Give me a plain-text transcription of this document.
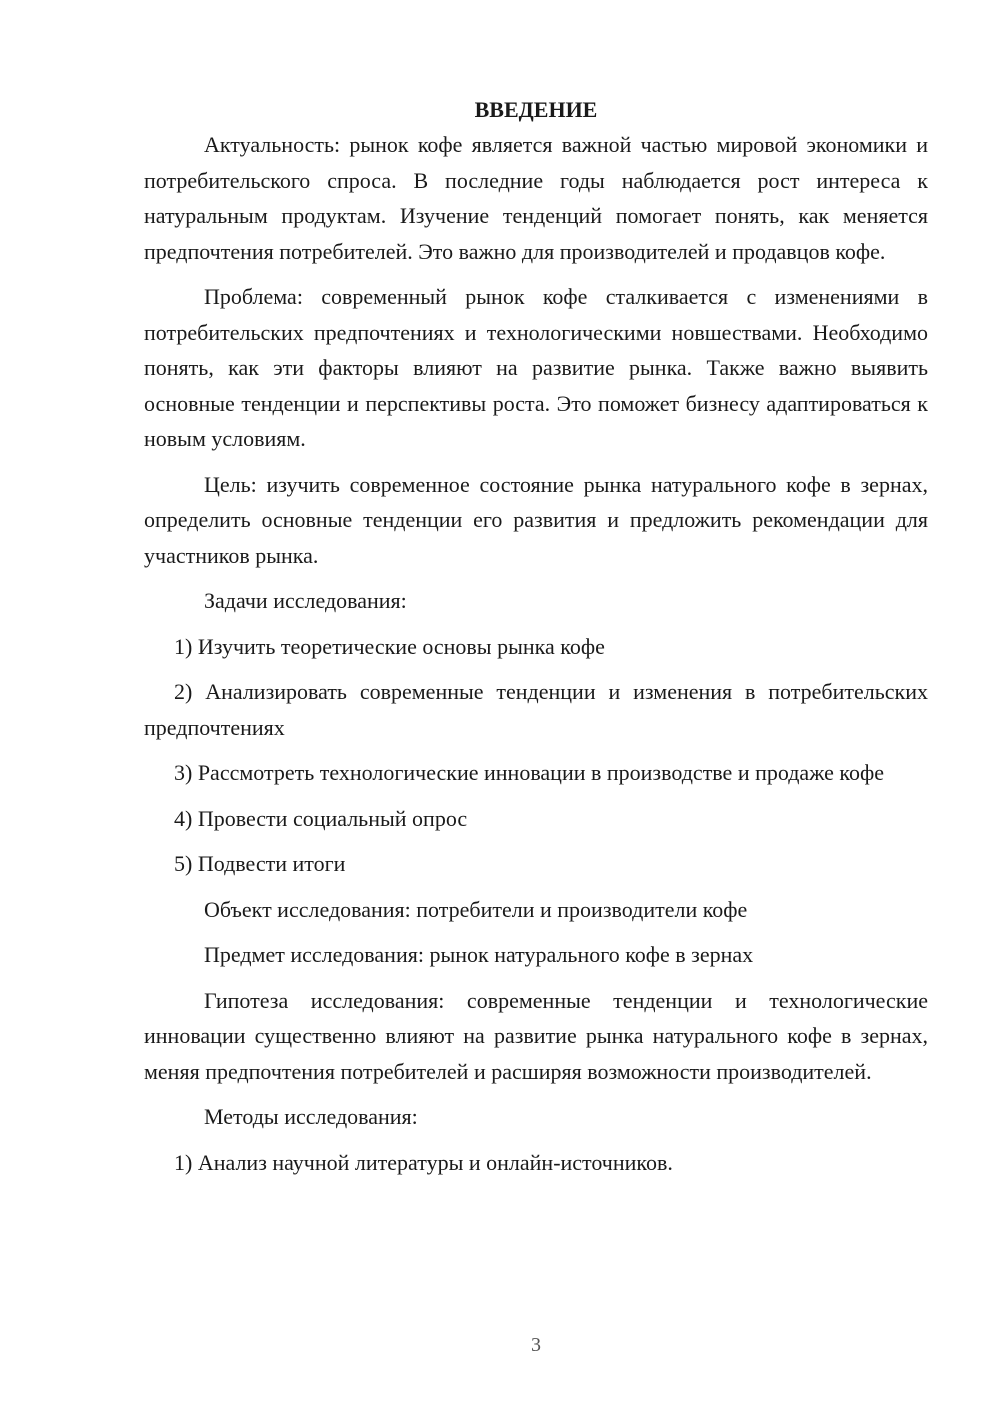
ВВЕДЕНИЕ

Актуальность: рынок кофе является важной частью мировой экономики и потребительского спроса. В последние годы наблюдается рост интереса к натуральным продуктам. Изучение тенденций помогает понять, как меняется предпочтения потребителей. Это важно для производителей и продавцов кофе.

Проблема: современный рынок кофе сталкивается с изменениями в потребительских предпочтениях и технологическими новшествами. Необходимо понять, как эти факторы влияют на развитие рынка. Также важно выявить основные тенденции и перспективы роста. Это поможет бизнесу адаптироваться к новым условиям.

Цель: изучить современное состояние рынка натурального кофе в зернах, определить основные тенденции его развития и предложить рекомендации для участников рынка.

Задачи исследования:

1) Изучить теоретические основы рынка кофе

2) Анализировать современные тенденции и изменения в потребительских предпочтениях

3) Рассмотреть технологические инновации в производстве и продаже кофе

4) Провести социальный опрос

5) Подвести итоги

Объект исследования: потребители и производители кофе

Предмет исследования: рынок натурального кофе в зернах

Гипотеза исследования: современные тенденции и технологические инновации существенно влияют на развитие рынка натурального кофе в зернах, меняя предпочтения потребителей и расширяя возможности производителей.

Методы исследования:

1) Анализ научной литературы и онлайн-источников.

3
